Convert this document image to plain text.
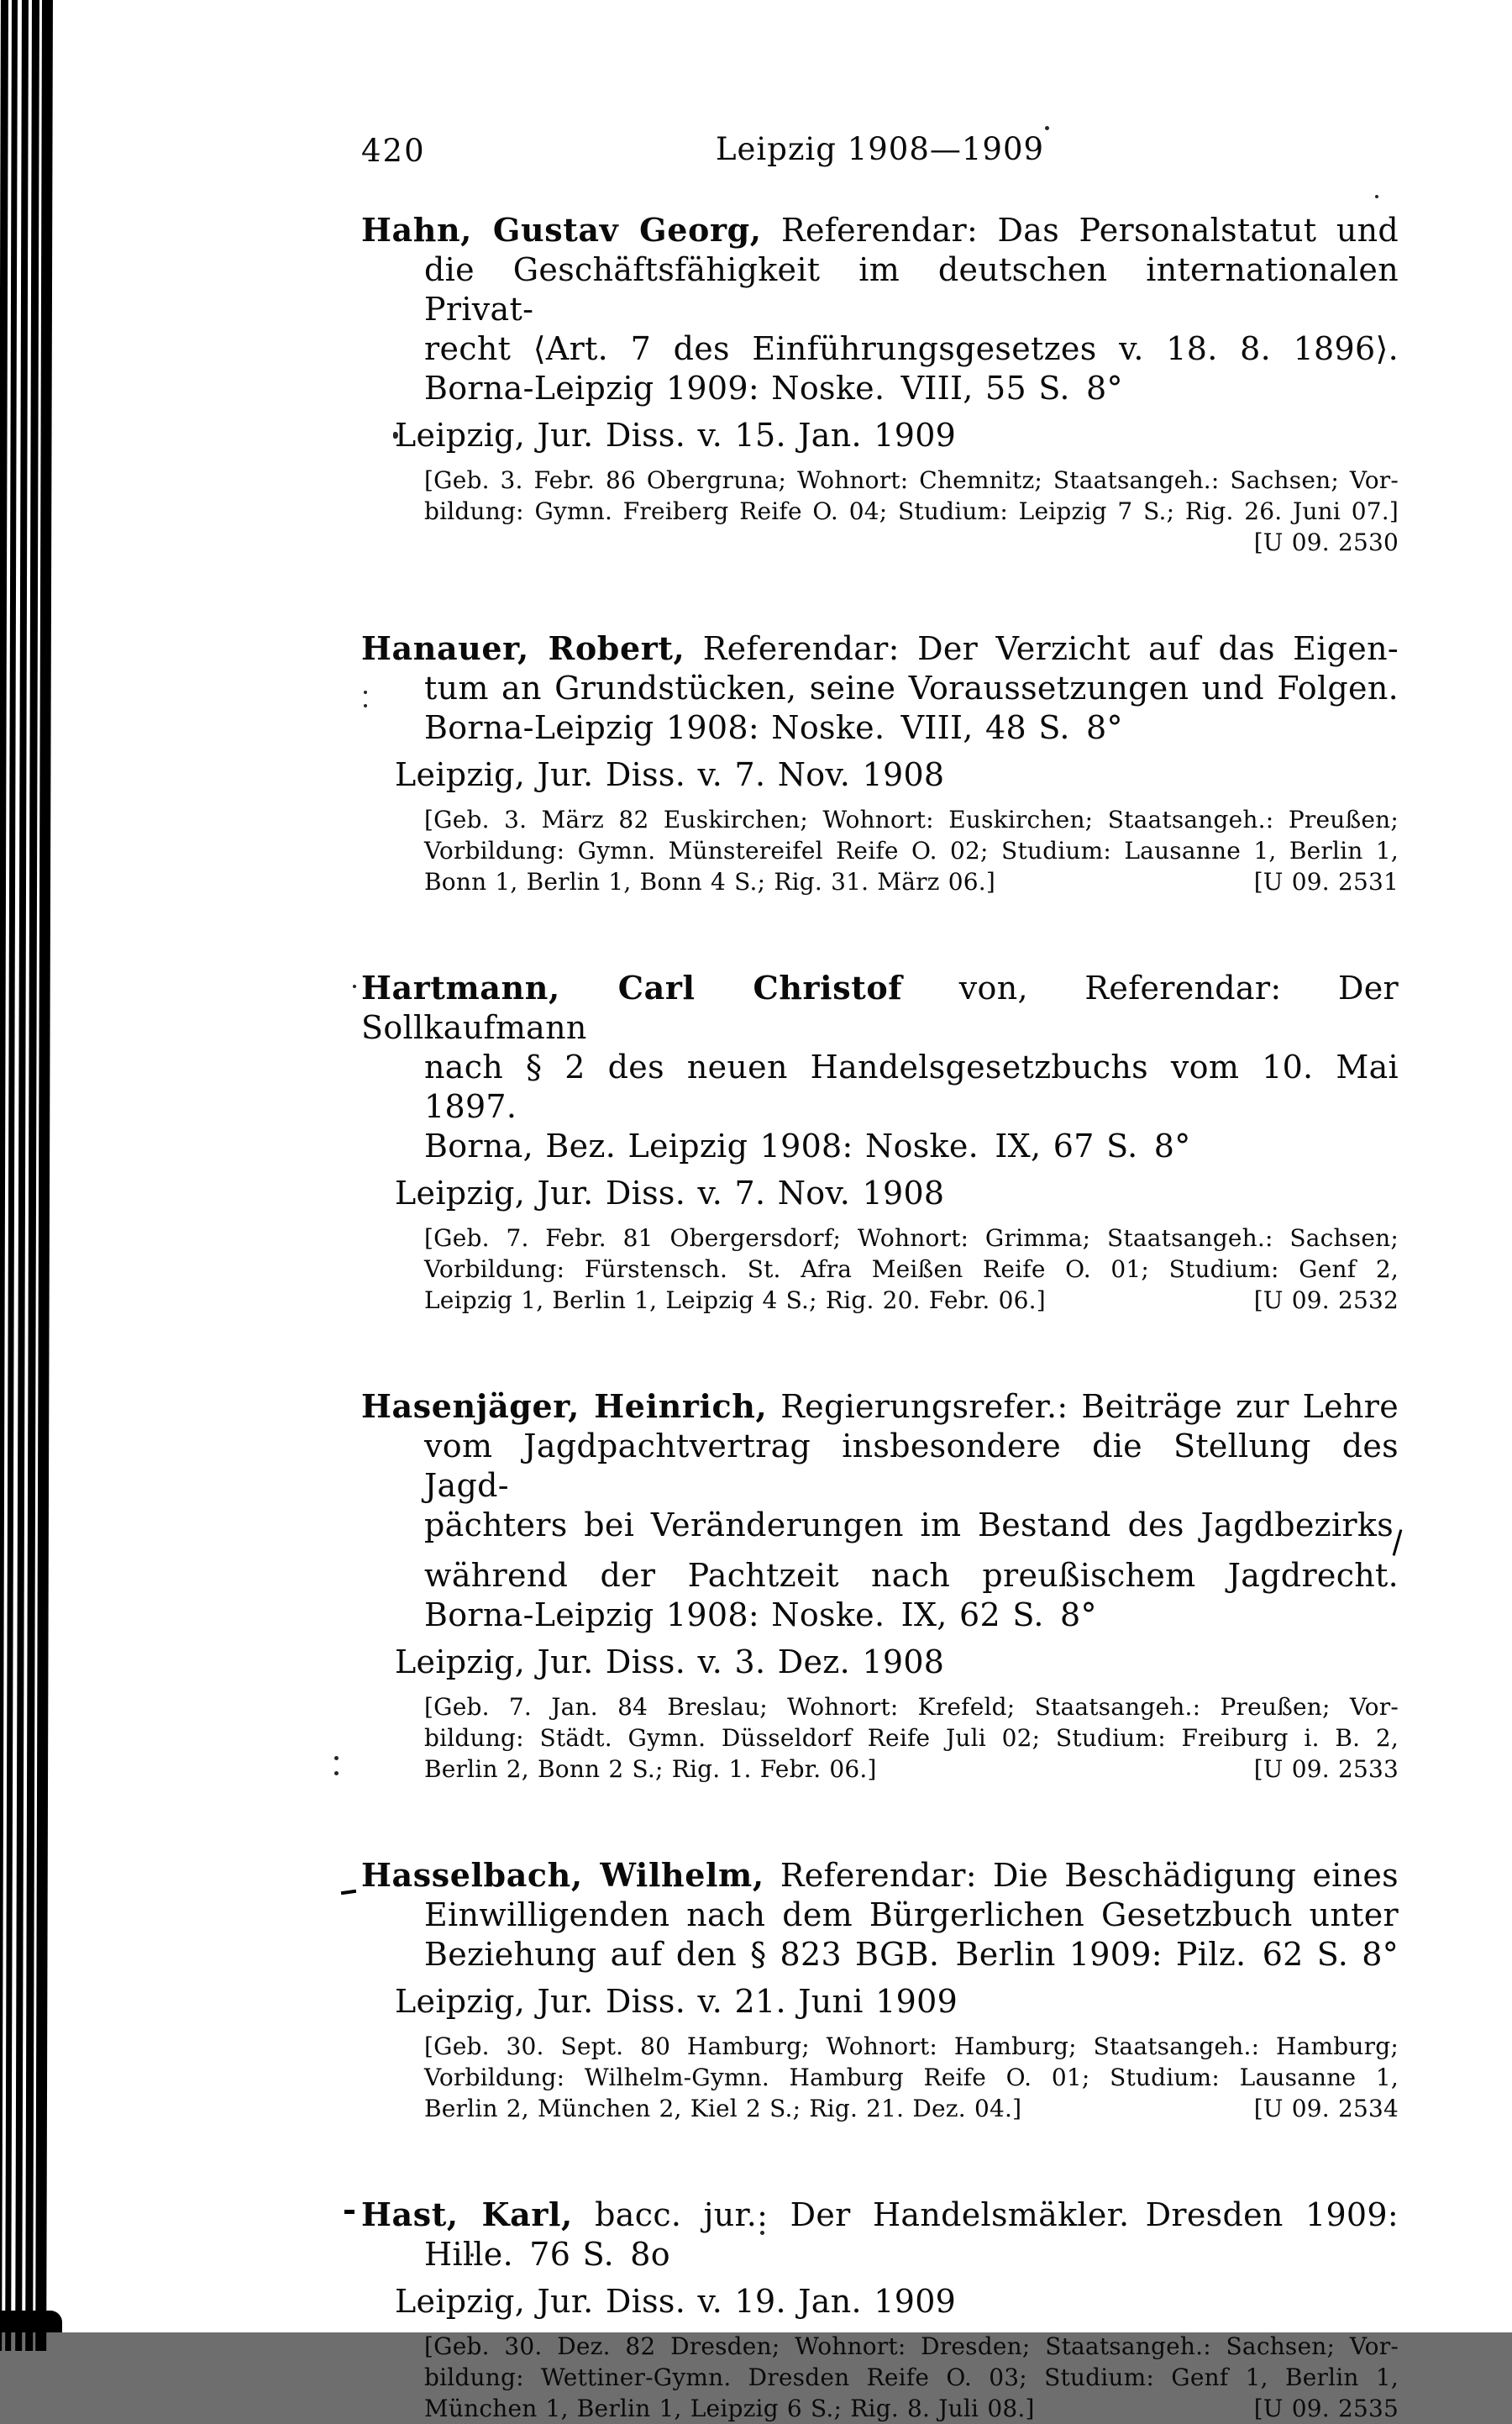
420	Leipzig 1908—1909
Hahn, Gustav Georg, Referendar: Das Personalstatut und
die Geschäftsfähigkeit im deutschen internationalen Privat-
recht ⟨Art. 7 des Einführungsgesetzes v. 18. 8. 1896⟩.
Borna-Leipzig 1909: Noske. VIII, 55 S. 8°
Leipzig, Jur. Diss. v. 15. Jan. 1909
[Geb. 3. Febr. 86 Obergruna; Wohnort: Chemnitz; Staatsangeh.: Sachsen; Vor-
bildung: Gymn. Freiberg Reife O. 04; Studium: Leipzig 7 S.; Rig. 26. Juni 07.]
[U 09. 2530
Hanauer, Robert, Referendar: Der Verzicht auf das Eigen-
tum an Grundstücken, seine Voraussetzungen und Folgen.
Borna-Leipzig 1908: Noske. VIII, 48 S. 8°
Leipzig, Jur. Diss. v. 7. Nov. 1908
[Geb. 3. März 82 Euskirchen; Wohnort: Euskirchen; Staatsangeh.: Preußen;
Vorbildung: Gymn. Münstereifel Reife O. 02; Studium: Lausanne 1, Berlin 1,
Bonn 1, Berlin 1, Bonn 4 S.; Rig. 31. März 06.]	[U 09. 2531
Hartmann, Carl Christof von, Referendar: Der Sollkaufmann
nach § 2 des neuen Handelsgesetzbuchs vom 10. Mai 1897.
Borna, Bez. Leipzig 1908: Noske. IX, 67 S. 8°
Leipzig, Jur. Diss. v. 7. Nov. 1908
[Geb. 7. Febr. 81 Obergersdorf; Wohnort: Grimma; Staatsangeh.: Sachsen;
Vorbildung: Fürstensch. St. Afra Meißen Reife O. 01; Studium: Genf 2,
Leipzig 1, Berlin 1, Leipzig 4 S.; Rig. 20. Febr. 06.]	[U 09. 2532
Hasenjäger, Heinrich, Regierungsrefer.: Beiträge zur Lehre
vom Jagdpachtvertrag insbesondere die Stellung des Jagd-
pächters bei Veränderungen im Bestand des Jagdbezirks
während der Pachtzeit nach preußischem Jagdrecht.
Borna-Leipzig 1908: Noske. IX, 62 S. 8°
Leipzig, Jur. Diss. v. 3. Dez. 1908
[Geb. 7. Jan. 84 Breslau; Wohnort: Krefeld; Staatsangeh.: Preußen; Vor-
bildung: Städt. Gymn. Düsseldorf Reife Juli 02; Studium: Freiburg i. B. 2,
Berlin 2, Bonn 2 S.; Rig. 1. Febr. 06.]	[U 09. 2533
Hasselbach, Wilhelm, Referendar: Die Beschädigung eines
Einwilligenden nach dem Bürgerlichen Gesetzbuch unter
Beziehung auf den § 823 BGB. Berlin 1909: Pilz. 62 S. 8°
Leipzig, Jur. Diss. v. 21. Juni 1909
[Geb. 30. Sept. 80 Hamburg; Wohnort: Hamburg; Staatsangeh.: Hamburg;
Vorbildung: Wilhelm-Gymn. Hamburg Reife O. 01; Studium: Lausanne 1,
Berlin 2, München 2, Kiel 2 S.; Rig. 21. Dez. 04.]	[U 09. 2534
Hast, Karl, bacc. jur.: Der Handelsmäkler. Dresden 1909:
Hille. 76 S. 8o
Leipzig, Jur. Diss. v. 19. Jan. 1909
[Geb. 30. Dez. 82 Dresden; Wohnort: Dresden; Staatsangeh.: Sachsen; Vor-
bildung: Wettiner-Gymn. Dresden Reife O. 03; Studium: Genf 1, Berlin 1,
München 1, Berlin 1, Leipzig 6 S.; Rig. 8. Juli 08.]	[U 09. 2535
